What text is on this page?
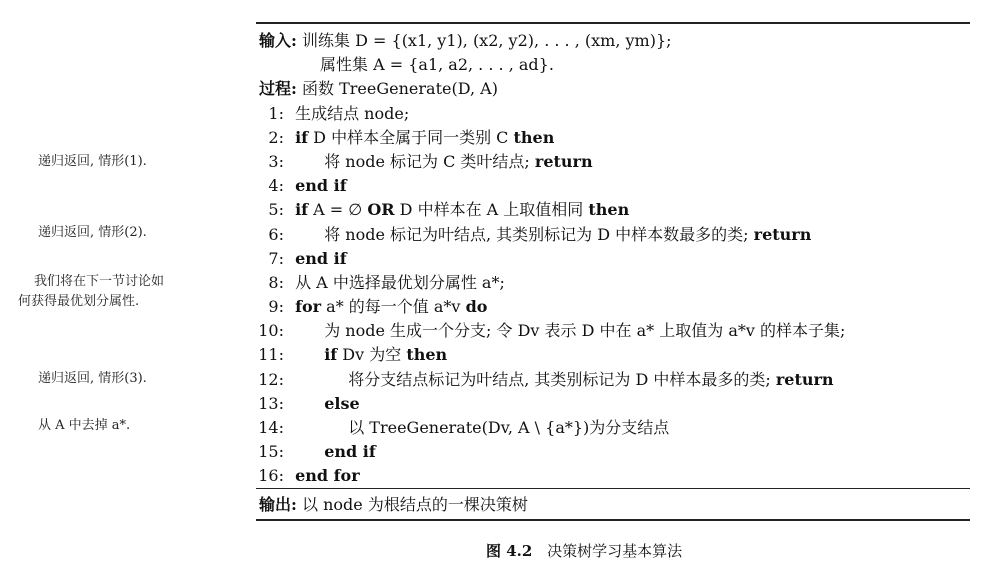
输入: 训练集 D = {(x1, y1), (x2, y2), . . . , (xm, ym)};
属性集 A = {a1, a2, . . . , ad}.
过程: 函数 TreeGenerate(D, A)
1: 生成结点 node;
2: if D 中样本全属于同一类别 C then
3:	将 node 标记为 C 类叶结点; return
4: end if
5: if A = ∅ OR D 中样本在 A 上取值相同 then
6:	将 node 标记为叶结点, 其类别标记为 D 中样本数最多的类; return
7: end if
8: 从 A 中选择最优划分属性 a*;
9: for a* 的每一个值 a*v do
10:	为 node 生成一个分支; 令 Dv 表示 D 中在 a* 上取值为 a*v 的样本子集;
11:	if Dv 为空 then
12:	将分支结点标记为叶结点, 其类别标记为 D 中样本最多的类; return
13:	else
14:	以 TreeGenerate(Dv, A \ {a*})为分支结点
15:	end if
16: end for
输出: 以 node 为根结点的一棵决策树
递归返回, 情形(1).
递归返回, 情形(2).
我们将在下一节讨论如
何获得最优划分属性.
递归返回, 情形(3).
从 A 中去掉 a*.
图 4.2 决策树学习基本算法
